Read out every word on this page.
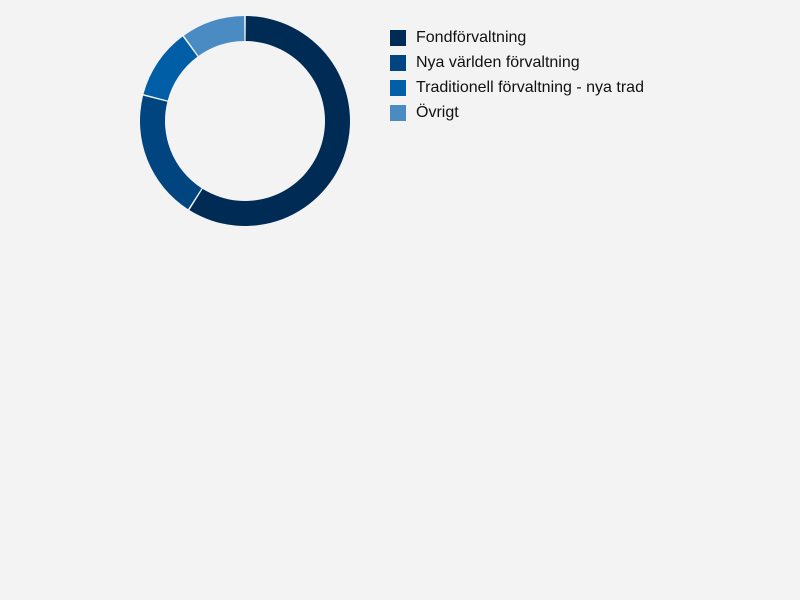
Fondförvaltning
Nya världen förvaltning
Traditionell förvaltning - nya trad
Övrigt
